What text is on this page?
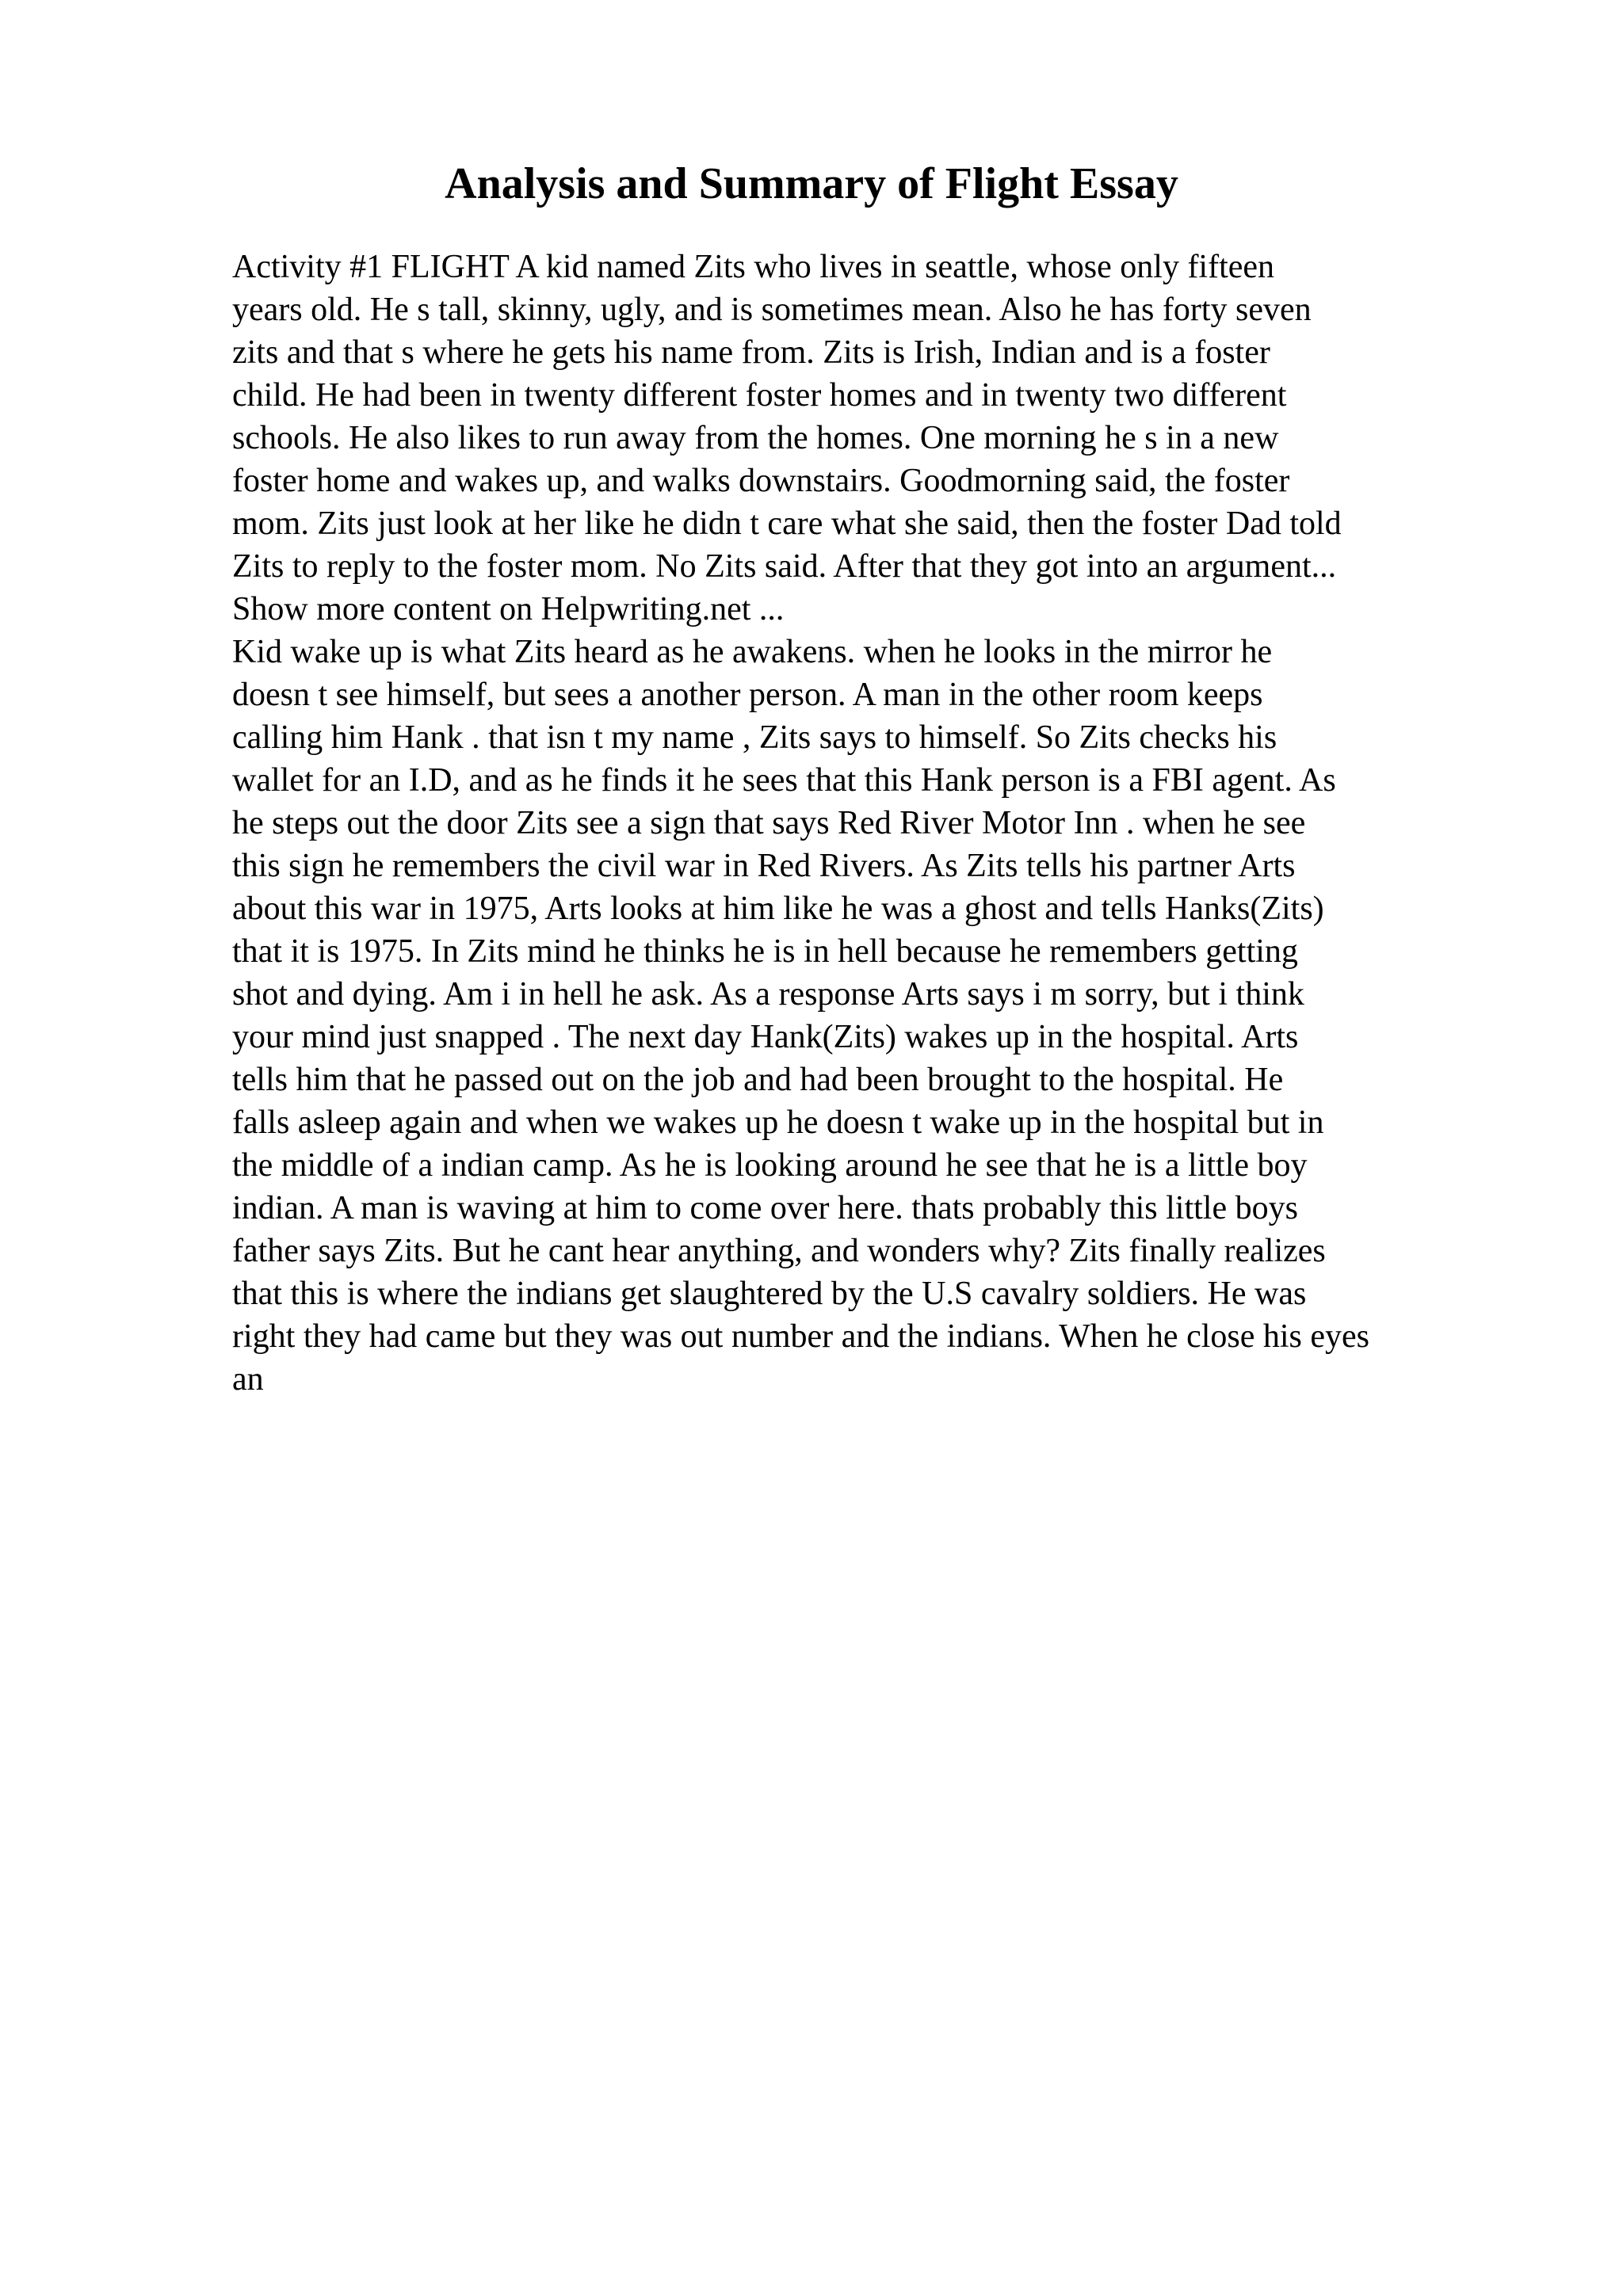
Analysis and Summary of Flight Essay
Activity #1 FLIGHT A kid named Zits who lives in seattle, whose only fifteen
years old. He s tall, skinny, ugly, and is sometimes mean. Also he has forty seven
zits and that s where he gets his name from. Zits is Irish, Indian and is a foster
child. He had been in twenty different foster homes and in twenty two different
schools. He also likes to run away from the homes. One morning he s in a new
foster home and wakes up, and walks downstairs. Goodmorning said, the foster
mom. Zits just look at her like he didn t care what she said, then the foster Dad told
Zits to reply to the foster mom. No Zits said. After that they got into an argument...
Show more content on Helpwriting.net ...
Kid wake up is what Zits heard as he awakens. when he looks in the mirror he
doesn t see himself, but sees a another person. A man in the other room keeps
calling him Hank . that isn t my name , Zits says to himself. So Zits checks his
wallet for an I.D, and as he finds it he sees that this Hank person is a FBI agent. As
he steps out the door Zits see a sign that says Red River Motor Inn . when he see
this sign he remembers the civil war in Red Rivers. As Zits tells his partner Arts
about this war in 1975, Arts looks at him like he was a ghost and tells Hanks(Zits)
that it is 1975. In Zits mind he thinks he is in hell because he remembers getting
shot and dying. Am i in hell he ask. As a response Arts says i m sorry, but i think
your mind just snapped . The next day Hank(Zits) wakes up in the hospital. Arts
tells him that he passed out on the job and had been brought to the hospital. He
falls asleep again and when we wakes up he doesn t wake up in the hospital but in
the middle of a indian camp. As he is looking around he see that he is a little boy
indian. A man is waving at him to come over here. thats probably this little boys
father says Zits. But he cant hear anything, and wonders why? Zits finally realizes
that this is where the indians get slaughtered by the U.S cavalry soldiers. He was
right they had came but they was out number and the indians. When he close his eyes
an
